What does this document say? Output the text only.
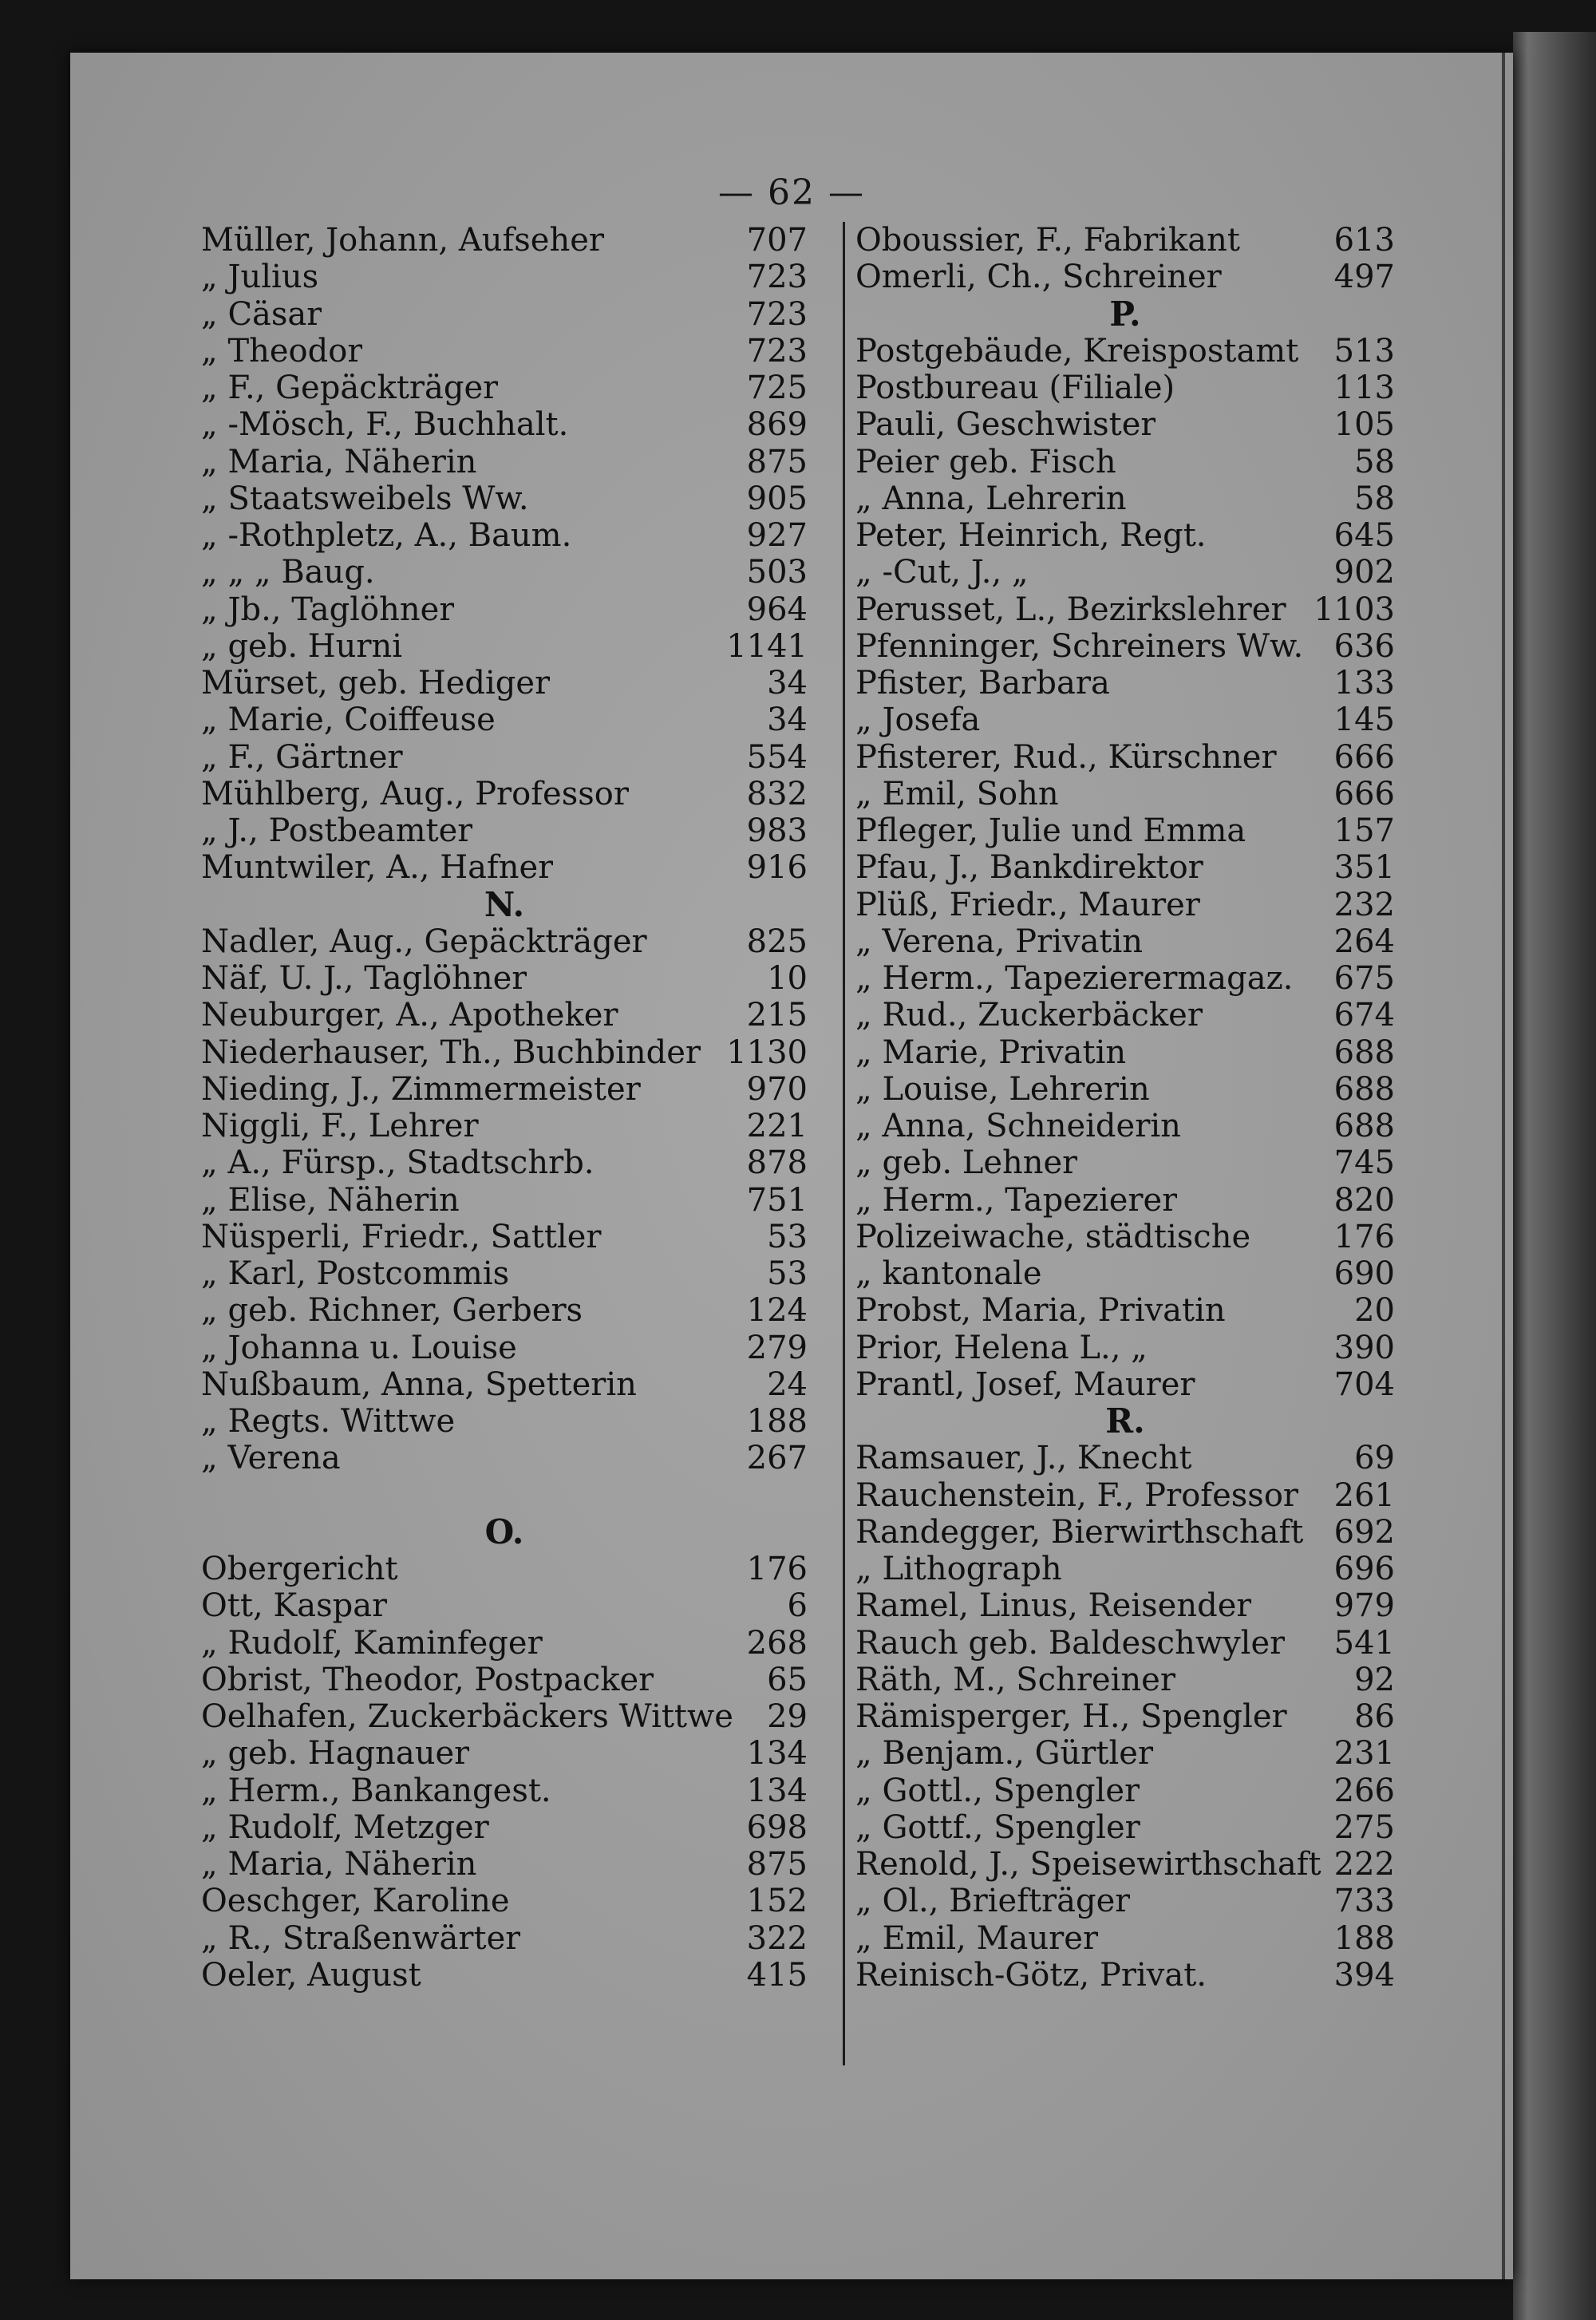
— 62 —
Müller, Johann, Aufseher	707
„ Julius	723
„ Cäsar	723
„ Theodor	723
„ F., Gepäckträger	725
„ -Mösch, F., Buchhalt.	869
„ Maria, Näherin	875
„ Staatsweibels Ww.	905
„ -Rothpletz, A., Baum.	927
„ „ „ Baug.	503
„ Jb., Taglöhner	964
„ geb. Hurni	1141
Mürset, geb. Hediger	34
„ Marie, Coiffeuse	34
„ F., Gärtner	554
Mühlberg, Aug., Professor	832
„ J., Postbeamter	983
Muntwiler, A., Hafner	916
N.
Nadler, Aug., Gepäckträger	825
Näf, U. J., Taglöhner	10
Neuburger, A., Apotheker	215
Niederhauser, Th., Buchbinder 1130
Nieding, J., Zimmermeister	970
Niggli, F., Lehrer	221
„ A., Fürsp., Stadtschrb.	878
„ Elise, Näherin	751
Nüsperli, Friedr., Sattler	53
„ Karl, Postcommis	53
„ geb. Richner, Gerbers	124
„ Johanna u. Louise	279
Nußbaum, Anna, Spetterin	24
„ Regts. Wittwe	188
„ Verena	267
O.
Obergericht	176
Ott, Kaspar	6
„ Rudolf, Kaminfeger	268
Obrist, Theodor, Postpacker	65
Oelhafen, Zuckerbäckers Wittwe	29
„ geb. Hagnauer	134
„ Herm., Bankangest.	134
„ Rudolf, Metzger	698
„ Maria, Näherin	875
Oeschger, Karoline	152
„ R., Straßenwärter	322
Oeler, August	415
Oboussier, F., Fabrikant	613
Omerli, Ch., Schreiner	497
P.
Postgebäude, Kreispostamt	513
Postbureau (Filiale)	113
Pauli, Geschwister	105
Peier geb. Fisch	58
„ Anna, Lehrerin	58
Peter, Heinrich, Regt.	645
„ -Cut, J., „	902
Perusset, L., Bezirkslehrer 1103
Pfenninger, Schreiners Ww. 636
Pfister, Barbara	133
„ Josefa	145
Pfisterer, Rud., Kürschner	666
„ Emil, Sohn	666
Pfleger, Julie und Emma	157
Pfau, J., Bankdirektor	351
Plüß, Friedr., Maurer	232
„ Verena, Privatin	264
„ Herm., Tapezierermagaz.	675
„ Rud., Zuckerbäcker	674
„ Marie, Privatin	688
„ Louise, Lehrerin	688
„ Anna, Schneiderin	688
„ geb. Lehner	745
„ Herm., Tapezierer	820
Polizeiwache, städtische	176
„ kantonale	690
Probst, Maria, Privatin	20
Prior, Helena L., „	390
Prantl, Josef, Maurer	704
R.
Ramsauer, J., Knecht	69
Rauchenstein, F., Professor	261
Randegger, Bierwirthschaft 692
„ Lithograph	696
Ramel, Linus, Reisender	979
Rauch geb. Baldeschwyler	541
Räth, M., Schreiner	92
Rämisperger, H., Spengler	86
„ Benjam., Gürtler	231
„ Gottl., Spengler	266
„ Gottf., Spengler	275
Renold, J., Speisewirthschaft 222
„ Ol., Briefträger	733
„ Emil, Maurer	188
Reinisch-Götz, Privat.	394
